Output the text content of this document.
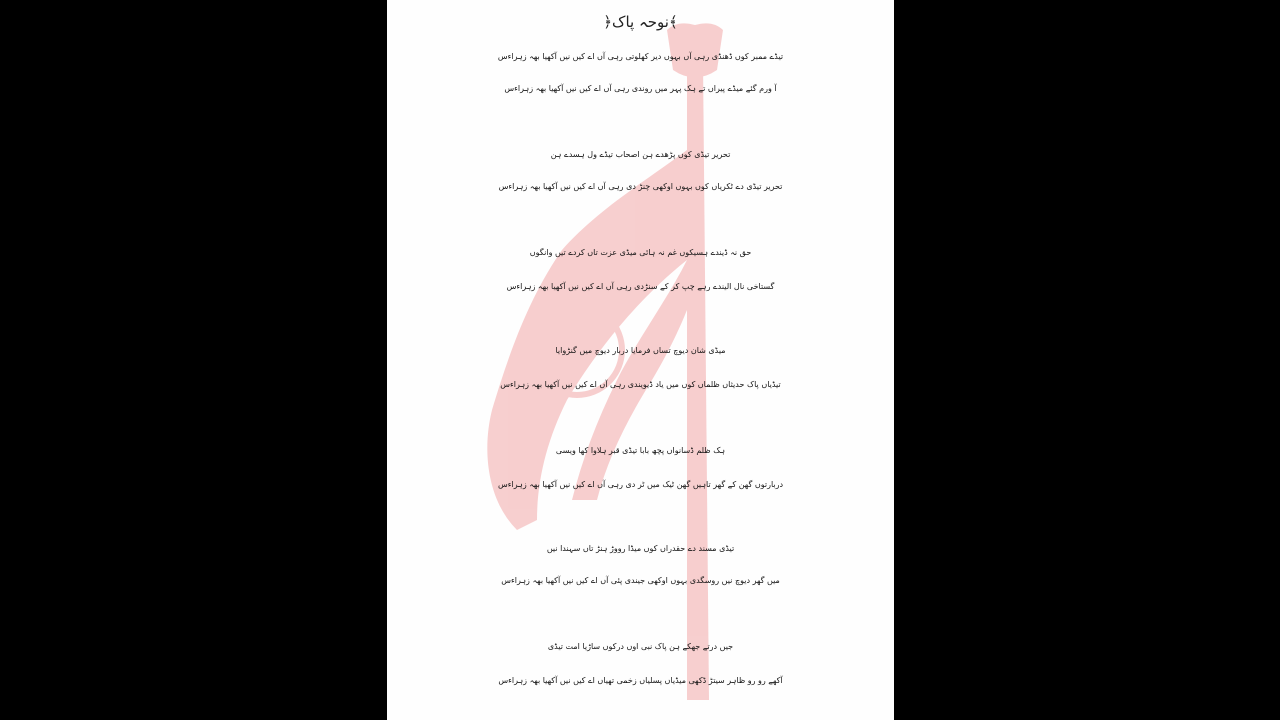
﴾نوحہ پاک﴿
تیڈے ممبر کوں ڈھنڈی رہی آں بہوں دیر کھلوتی رہی آں اے کیں نیں آکھیا بھہ زہراءس
آ ورم گئے میڈے پیراں تے ہک پہر میں روندی رہی آں اے کیں نیں آکھیا بھہ زہراءس
تحریر تیڈی کوں پڑھدے ہن اصحاب تیڈے ول ہسدے ہن
تحریر تیڈی دے ٹکریاں کوں بہوں اوکھی چنڑ دی رہی آں اے کیں نیں آکھیا بھہ زہراءس
حق نہ ڈیندے ہسیکوں غم نہ ہائی میڈی عزت تاں کردے تیں وانگوں
گستاخی نال الیندے رہے چپ کر کے سنڑدی رہی آں اے کیں نیں آکھیا بھہ زہراءس
میڈی شان دیوچ تساں فرمایا دربار دیوچ میں گنڑوایا
تیڈیاں پاک حدیثاں ظلماں کوں میں یاد ڈیویندی رہی آں اے کیں نیں آکھیا بھہ زہراءس
ہک ظلم ڈسانواں پچھ بابا تیڈی قبر ہلاوا کھا ویسی
دربارتوں گھن کے گھر تاہیں گھن ٹیک میں ٹر دی رہی آں اے کیں نیں آکھیا بھہ زہراءس
تیڈی مسند دے حقدراں کوں میڈا رووڑ ہنڑ تاں سہندا نیں
میں گھر دیوچ نیں روسگدی بہوں اوکھی جیندی پئی آں اے کیں نیں آکھیا بھہ زہراءس
جیں درتے جھکے ہن پاک نبی اوں درکوں ساڑیا امت تیڈی
آکھے رو رو ظاہر سیتڑ ڈکھی میڈیاں پسلیاں زخمی تھیاں اے کیں نیں آکھیا بھہ زہراءس
